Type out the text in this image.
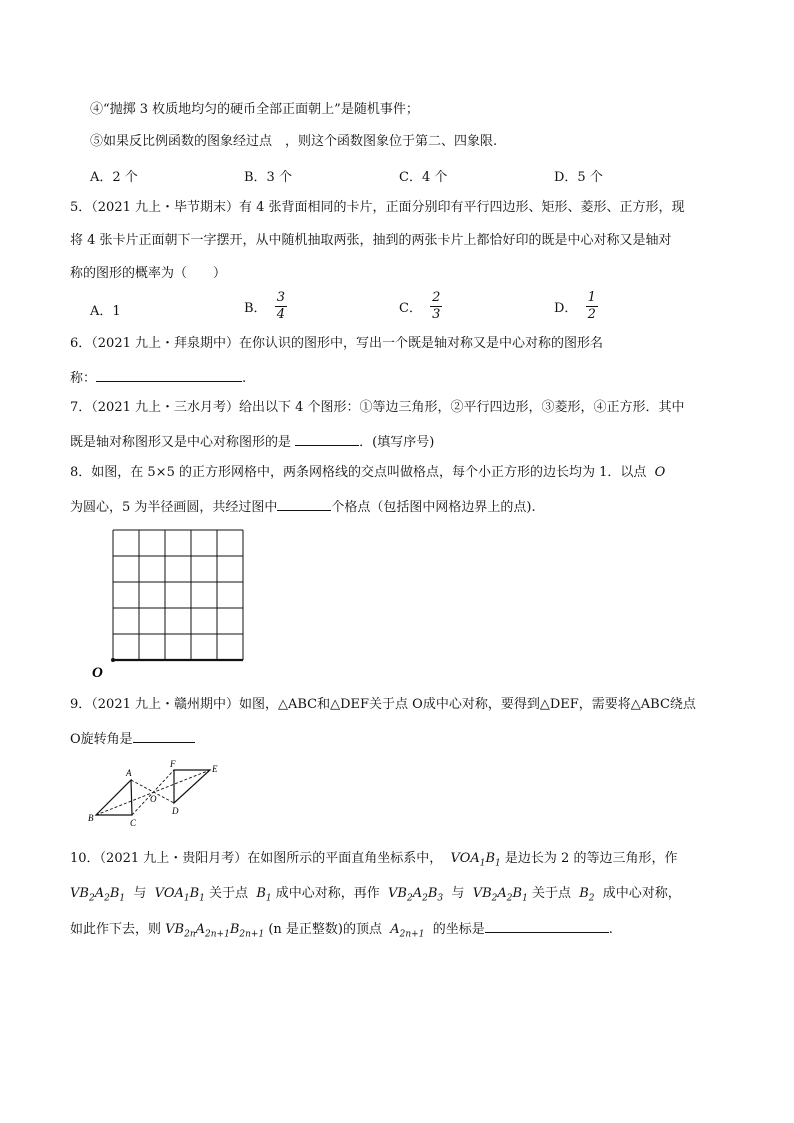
④“抛掷 3 枚质地均匀的硬币全部正面朝上”是随机事件；
⑤如果反比例函数的图象经过点　，则这个函数图象位于第二、四象限.
A．2 个	B．3 个	C．4 个	D．5 个
5．（2021 九上・毕节期末）有 4 张背面相同的卡片，正面分别印有平行四边形、矩形、菱形、正方形，现
将 4 张卡片正面朝下一字摆开，从中随机抽取两张，抽到的两张卡片上都恰好印的既是中心对称又是轴对
称的图形的概率为（　　）
A．1	B． $\frac{3}{4}$	C． $\frac{2}{3}$	D． $\frac{1}{2}$
6．（2021 九上・拜泉期中）在你认识的图形中，写出一个既是轴对称又是中心对称的图形名
称：	.
7．（2021 九上・三水月考）给出以下 4 个图形：①等边三角形，②平行四边形，③菱形，④正方形．其中
既是轴对称图形又是中心对称图形的是	．(填写序号)
8．如图，在 5×5 的正方形网格中，两条网格线的交点叫做格点，每个小正方形的边长均为 1．以点 O
为圆心，5 为半径画圆，共经过图中	个格点（包括图中网格边界上的点).
O
9．（2021 九上・赣州期中）如图，△ABC和△DEF关于点 O成中心对称，要得到△DEF，需要将△ABC绕点
O旋转角是
A
B	C
D
E
F
O
10．（2021 九上・贵阳月考）在如图所示的平面直角坐标系中， $VOA_1B_1$ 是边长为 2 的等边三角形，作
$VB_2A_2B_1$ 与 $VOA_1B_1$ 关于点 $B_1$ 成中心对称，再作 $VB_2A_2B_3$ 与 $VB_2A_2B_1$ 关于点 $B_2$ 成中心对称，
如此作下去，则 $VB_{2n}A_{2n+1}B_{2n+1}$ (n 是正整数)的顶点 $A_{2n+1}$ 的坐标是	.
